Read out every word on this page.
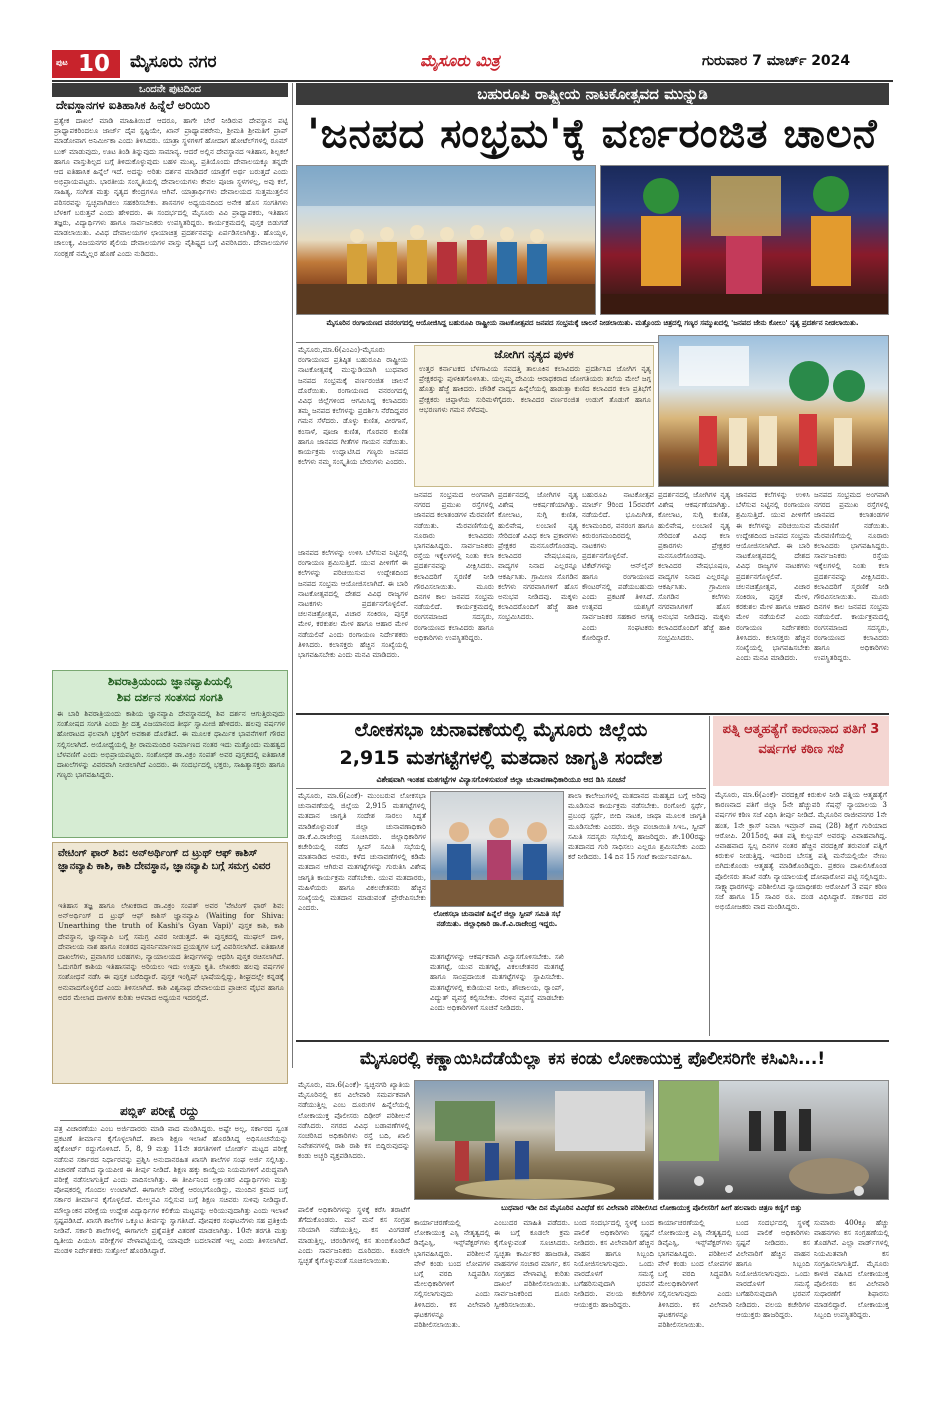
ಪುಟ 10 ಮೈಸೂರು ನಗರ	ಮೈಸೂರು ಮಿತ್ರ	ಗುರುವಾರ 7 ಮಾರ್ಚ್ 2024
ಒಂದನೇ ಪುಟದಿಂದ
ದೇವಸ್ಥಾನಗಳ ಐತಿಹಾಸಿಕ ಹಿನ್ನೆಲೆ ಅರಿಯಿರಿ
ಪ್ರತ್ಯೇಕ ದಾಖಲೆ ಮಾಡಿ ಮಾಹಿತಿಯಿದೆ ಆದರೂ, ಹಾಗೇ ಬೇರೆ ನೀಡಿರುವ ದೇವಸ್ಥಾನ ಪಟ್ಟಿ ಪ್ರಾಧ್ಯಾಪಕರಿಂದಲೂ ಜಾರ್ಜ್ ದೈವ ಸ್ಪಷ್ಟಿಯೇ, ಖಾನ್ ಪ್ರಾಥ್ಯಾಪಕರೇನು, ಶ್ರೀಮತಿ ಶ್ರೀಮತಿಗೆ ಪ್ರಾಪ್ ಮಾಡೋವಾಗ ಅನಿರ್ಮೀಕಾ ಎಂದು ತಿಳಿಸಿದರು. ಯಾತ್ರಾ ಸ್ಥಳಗಳಿಗೆ ಹೋದಾಗ ಹೋಟೆಲ್‌ಗಳಲ್ಲಿ ರೂಮ್ ಬುಕ್ ಮಾಡುವುದು, ಊಟ ತಿಂಡಿ ತಿನ್ನುವುದು ಸಾಮಾನ್ಯ. ಆದರೆ ಅಲ್ಲಿನ ದೇವಸ್ಥಾನದ ಇತಿಹಾಸ, ಶಿಲ್ಪಕಲೆ ಹಾಗೂ ವಾಸ್ತುಶಿಲ್ಪದ ಬಗ್ಗೆ ತಿಳಿದುಕೊಳ್ಳುವುದು ಬಹಳ ಮುಖ್ಯ. ಪ್ರತಿಯೊಂದು ದೇವಾಲಯಕ್ಕೂ ತನ್ನದೇ ಆದ ಐತಿಹಾಸಿಕ ಹಿನ್ನೆಲೆ ಇದೆ. ಅದನ್ನು ಅರಿತು ದರ್ಶನ ಮಾಡಿದರೆ ಯಾತ್ರೆಗೆ ಅರ್ಥ ಬರುತ್ತದೆ ಎಂದು ಅಭಿಪ್ರಾಯಪಟ್ಟರು. ಭಾರತೀಯ ಸಂಸ್ಕೃತಿಯಲ್ಲಿ ದೇವಾಲಯಗಳು ಕೇವಲ ಪೂಜಾ ಸ್ಥಳಗಳಲ್ಲ, ಅವು ಕಲೆ, ಸಾಹಿತ್ಯ, ಸಂಗೀತ ಮತ್ತು ನೃತ್ಯದ ಕೇಂದ್ರಗಳೂ ಆಗಿವೆ. ಯಾತ್ರಾರ್ಥಿಗಳು ದೇವಾಲಯದ ಸುತ್ತಮುತ್ತಲಿನ ಪರಿಸರವನ್ನು ಸ್ವಚ್ಛವಾಗಿಡಲು ಸಹಕರಿಸಬೇಕು. ಶಾಸನಗಳ ಅಧ್ಯಯನದಿಂದ ಅನೇಕ ಹೊಸ ಸಂಗತಿಗಳು ಬೆಳಕಿಗೆ ಬರುತ್ತವೆ ಎಂದು ಹೇಳಿದರು. ಈ ಸಂದರ್ಭದಲ್ಲಿ ಮೈಸೂರು ವಿವಿ ಪ್ರಾಧ್ಯಾಪಕರು, ಇತಿಹಾಸ ತಜ್ಞರು, ವಿದ್ಯಾರ್ಥಿಗಳು ಹಾಗೂ ಸಾರ್ವಜನಿಕರು ಉಪಸ್ಥಿತರಿದ್ದರು. ಕಾರ್ಯಕ್ರಮದಲ್ಲಿ ಪುಸ್ತಕ ಬಿಡುಗಡೆ ಮಾಡಲಾಯಿತು. ವಿವಿಧ ದೇವಾಲಯಗಳ ಛಾಯಾಚಿತ್ರ ಪ್ರದರ್ಶನವನ್ನು ಏರ್ಪಡಿಸಲಾಗಿತ್ತು. ಹೊಯ್ಸಳ, ಚಾಲುಕ್ಯ, ವಿಜಯನಗರ ಶೈಲಿಯ ದೇವಾಲಯಗಳ ವಾಸ್ತು ವೈಶಿಷ್ಟ್ಯದ ಬಗ್ಗೆ ವಿವರಿಸಿದರು. ದೇವಾಲಯಗಳ ಸಂರಕ್ಷಣೆ ನಮ್ಮೆಲ್ಲರ ಹೊಣೆ ಎಂದು ನುಡಿದರು.
ಶಿವರಾತ್ರಿಯಂದು ಜ್ಞಾನವ್ಯಾಪಿಯಲ್ಲಿ
ಶಿವ ದರ್ಶನ ಸಂತಸದ ಸಂಗತಿ
ಈ ಬಾರಿ ಶಿವರಾತ್ರಿಯಂದು ಕಾಶಿಯ ಜ್ಞಾನವ್ಯಾಪಿ ದೇವಸ್ಥಾನದಲ್ಲಿ ಶಿವ ದರ್ಶನ ಆಗುತ್ತಿರುವುದು ಸಂತೋಷದ ಸಂಗತಿ ಎಂದು ಶ್ರೀ ದತ್ತ ವಿಜಯಾನಂದ ತೀರ್ಥ ಸ್ವಾಮೀಜಿ ಹೇಳಿದರು. ಹಲವು ವರ್ಷಗಳ ಹೋರಾಟದ ಫಲವಾಗಿ ಭಕ್ತರಿಗೆ ಅವಕಾಶ ದೊರೆತಿದೆ. ಈ ಮೂಲಕ ಧಾರ್ಮಿಕ ಭಾವನೆಗಳಿಗೆ ಗೌರವ ಸಲ್ಲಿಸಲಾಗಿದೆ. ಅಯೋಧ್ಯೆಯಲ್ಲಿ ಶ್ರೀ ರಾಮಮಂದಿರ ನಿರ್ಮಾಣದ ನಂತರ ಇದು ಮತ್ತೊಂದು ಮಹತ್ವದ ಬೆಳವಣಿಗೆ ಎಂದು ಅಭಿಪ್ರಾಯಪಟ್ಟರು. ಸಂಶೋಧಕ ಡಾ.ವಿಕ್ರಂ ಸಂಪತ್ ಅವರ ಪುಸ್ತಕದಲ್ಲಿ ಐತಿಹಾಸಿಕ ದಾಖಲೆಗಳನ್ನು ವಿವರವಾಗಿ ನೀಡಲಾಗಿದೆ ಎಂದರು. ಈ ಸಂದರ್ಭದಲ್ಲಿ ಭಕ್ತರು, ಸಾಹಿತ್ಯಾಸಕ್ತರು ಹಾಗೂ ಗಣ್ಯರು ಭಾಗವಹಿಸಿದ್ದರು.
ವೇಟಿಂಗ್ ಫಾರ್ ಶಿವ: ಅನ್‌ಅರ್ಥಿಂಗ್ ದ ಟ್ರುಥ್ ಆಫ್ ಕಾಶಿಸ್ ಜ್ಞಾನವ್ಯಾಪಿ ಕಾಶಿ, ಕಾಶಿ ದೇವಸ್ಥಾನ, ಜ್ಞಾನವ್ಯಾಪಿ ಬಗ್ಗೆ ಸಮಗ್ರ ವಿವರ
ಇತಿಹಾಸ ತಜ್ಞ ಹಾಗೂ ಲೇಖಕರಾದ ಡಾ.ವಿಕ್ರಂ ಸಂಪತ್ ಅವರ 'ವೇಟಿಂಗ್ ಫಾರ್ ಶಿವ: ಅನ್‌ಅರ್ಥಿಂಗ್ ದ ಟ್ರುಥ್ ಆಫ್ ಕಾಶಿಸ್ ಜ್ಞಾನವ್ಯಾಪಿ (Waiting for Shiva: Unearthing the truth of Kashi's Gyan Vapi)' ಪುಸ್ತಕ ಕಾಶಿ, ಕಾಶಿ ದೇವಸ್ಥಾನ, ಜ್ಞಾನವ್ಯಾಪಿ ಬಗ್ಗೆ ಸಮಗ್ರ ವಿವರ ನೀಡುತ್ತದೆ. ಈ ಪುಸ್ತಕದಲ್ಲಿ ಮುಘಲ್ ದಾಳಿ, ದೇವಾಲಯ ನಾಶ ಹಾಗೂ ನಂತರದ ಪುನರ್ನಿರ್ಮಾಣದ ಪ್ರಯತ್ನಗಳ ಬಗ್ಗೆ ವಿವರಿಸಲಾಗಿದೆ. ಐತಿಹಾಸಿಕ ದಾಖಲೆಗಳು, ಪ್ರವಾಸಿಗರ ಬರಹಗಳು, ನ್ಯಾಯಾಲಯದ ತೀರ್ಪುಗಳನ್ನು ಆಧರಿಸಿ ಪುಸ್ತಕ ರಚಿಸಲಾಗಿದೆ. ಓದುಗರಿಗೆ ಕಾಶಿಯ ಇತಿಹಾಸವನ್ನು ಅರಿಯಲು ಇದು ಉತ್ತಮ ಕೃತಿ. ಲೇಖಕರು ಹಲವು ವರ್ಷಗಳ ಸಂಶೋಧನೆ ನಡೆಸಿ ಈ ಪುಸ್ತಕ ಬರೆದಿದ್ದಾರೆ. ಪುಸ್ತಕ ಇಂಗ್ಲಿಷ್ ಭಾಷೆಯಲ್ಲಿದ್ದು, ಶೀಘ್ರದಲ್ಲೇ ಕನ್ನಡಕ್ಕೆ ಅನುವಾದಗೊಳ್ಳಲಿದೆ ಎಂದು ತಿಳಿಸಲಾಗಿದೆ. ಕಾಶಿ ವಿಶ್ವನಾಥ ದೇವಾಲಯದ ಪ್ರಾಚೀನ ವೈಭವ ಹಾಗೂ ಅದರ ಮೇಲಾದ ದಾಳಿಗಳ ಕುರಿತು ಆಳವಾದ ಅಧ್ಯಯನ ಇದರಲ್ಲಿದೆ.
ಪಬ್ಲಿಕ್ ಪರೀಕ್ಷೆ ರದ್ದು
ಪತ್ರ ವಿಚಾರಣೆಯು ಎಂಬ ಅರ್ಜಿದಾರರು ಮಾಡಿ ವಾದ ಮಂಡಿಸಿದ್ದರು. ಅಷ್ಟೇ ಅಲ್ಲ, ಸರ್ಕಾರದ ಸ್ವಂತ ಪ್ರಕಟಣೆ ತೀರ್ಮಾನ ಕೈಗೊಳ್ಳಲಾಗಿದೆ. ಶಾಲಾ ಶಿಕ್ಷಣ ಇಲಾಖೆ ಹೊರಡಿಸಿದ್ದ ಅಧಿಸೂಚನೆಯನ್ನು ಹೈಕೋರ್ಟ್ ರದ್ದುಗೊಳಿಸಿದೆ. 5, 8, 9 ಮತ್ತು 11ನೇ ತರಗತಿಗಳಿಗೆ ಬೋರ್ಡ್ ಮಟ್ಟದ ಪರೀಕ್ಷೆ ನಡೆಸುವ ಸರ್ಕಾರದ ನಿರ್ಧಾರವನ್ನು ಪ್ರಶ್ನಿಸಿ ಅನುದಾನರಹಿತ ಖಾಸಗಿ ಶಾಲೆಗಳ ಸಂಘ ಅರ್ಜಿ ಸಲ್ಲಿಸಿತ್ತು. ವಿಚಾರಣೆ ನಡೆಸಿದ ನ್ಯಾಯಪೀಠ ಈ ತೀರ್ಪು ನೀಡಿದೆ. ಶಿಕ್ಷಣ ಹಕ್ಕು ಕಾಯ್ದೆಯ ನಿಯಮಗಳಿಗೆ ವಿರುದ್ಧವಾಗಿ ಪರೀಕ್ಷೆ ನಡೆಸಲಾಗುತ್ತಿದೆ ಎಂದು ವಾದಿಸಲಾಗಿತ್ತು. ಈ ತೀರ್ಪಿನಿಂದ ಲಕ್ಷಾಂತರ ವಿದ್ಯಾರ್ಥಿಗಳು ಮತ್ತು ಪೋಷಕರಲ್ಲಿ ಗೊಂದಲ ಉಂಟಾಗಿದೆ. ಈಗಾಗಲೇ ಪರೀಕ್ಷೆ ಆರಂಭಗೊಂಡಿದ್ದು, ಮುಂದಿನ ಕ್ರಮದ ಬಗ್ಗೆ ಸರ್ಕಾರ ತೀರ್ಮಾನ ಕೈಗೊಳ್ಳಲಿದೆ. ಮೇಲ್ಮನವಿ ಸಲ್ಲಿಸುವ ಬಗ್ಗೆ ಶಿಕ್ಷಣ ಸಚಿವರು ಸುಳಿವು ನೀಡಿದ್ದಾರೆ. ಮೌಲ್ಯಾಂಕನ ಪರೀಕ್ಷೆಯ ಉದ್ದೇಶ ವಿದ್ಯಾರ್ಥಿಗಳ ಕಲಿಕೆಯ ಮಟ್ಟವನ್ನು ಅರಿಯುವುದಾಗಿತ್ತು ಎಂದು ಇಲಾಖೆ ಸ್ಪಷ್ಟಪಡಿಸಿದೆ. ಖಾಸಗಿ ಶಾಲೆಗಳ ಒಕ್ಕೂಟ ತೀರ್ಪನ್ನು ಸ್ವಾಗತಿಸಿದೆ. ಪೋಷಕರ ಸಂಘಟನೆಗಳು ಸಹ ಪ್ರತಿಕ್ರಿಯೆ ನೀಡಿವೆ. ಸರ್ಕಾರಿ ಶಾಲೆಗಳಲ್ಲಿ ಈಗಾಗಲೇ ಪ್ರಶ್ನೆಪತ್ರಿಕೆ ವಿತರಣೆ ಮಾಡಲಾಗಿತ್ತು. 10ನೇ ತರಗತಿ ಮತ್ತು ದ್ವಿತೀಯ ಪಿಯುಸಿ ಪರೀಕ್ಷೆಗಳ ವೇಳಾಪಟ್ಟಿಯಲ್ಲಿ ಯಾವುದೇ ಬದಲಾವಣೆ ಇಲ್ಲ ಎಂದು ತಿಳಿಸಲಾಗಿದೆ. ಮಂಡಳಿ ನಿರ್ದೇಶಕರು ಸುತ್ತೋಲೆ ಹೊರಡಿಸಿದ್ದಾರೆ.
ಬಹುರೂಪಿ ರಾಷ್ಟ್ರೀಯ ನಾಟಕೋತ್ಸವದ ಮುನ್ನುಡಿ
'ಜನಪದ ಸಂಭ್ರಮ'ಕ್ಕೆ ವರ್ಣರಂಜಿತ ಚಾಲನೆ
ಮೈಸೂರಿನ ರಂಗಾಯಣದ ವನರಂಗದಲ್ಲಿ ಆಯೋಜಿಸಿದ್ದ ಬಹುರೂಪಿ ರಾಷ್ಟ್ರೀಯ ನಾಟಕೋತ್ಸವದ ಜನಪದ ಸಂಭ್ರಮಕ್ಕೆ ಚಾಲನೆ ನೀಡಲಾಯಿತು. ಮತ್ತೊಂದು ಚಿತ್ರದಲ್ಲಿ ಗಣ್ಯರ ಸಮ್ಮುಖದಲ್ಲಿ 'ಜನಪದ ಜೇನು ಕೋಲು' ನೃತ್ಯ ಪ್ರದರ್ಶನ ನೀಡಲಾಯಿತು.
ಮೈಸೂರು,ಮಾ.6(ಎಂಎಂ)-ಮೈಸೂರು ರಂಗಾಯಣದ ಪ್ರತಿಷ್ಠಿತ ಬಹುರೂಪಿ ರಾಷ್ಟ್ರೀಯ ನಾಟಕೋತ್ಸವಕ್ಕೆ ಮುನ್ನುಡಿಯಾಗಿ ಬುಧವಾರ ಜನಪದ ಸಂಭ್ರಮಕ್ಕೆ ವರ್ಣರಂಜಿತ ಚಾಲನೆ ದೊರೆಯಿತು. ರಂಗಾಯಣದ ವನರಂಗದಲ್ಲಿ ವಿವಿಧ ಜಿಲ್ಲೆಗಳಿಂದ ಆಗಮಿಸಿದ್ದ ಕಲಾವಿದರು ತಮ್ಮ ಜನಪದ ಕಲೆಗಳನ್ನು ಪ್ರದರ್ಶಿಸಿ ನೆರೆದಿದ್ದವರ ಗಮನ ಸೆಳೆದರು. ಡೊಳ್ಳು ಕುಣಿತ, ವೀರಗಾಸೆ, ಕಂಸಾಳೆ, ಪೂಜಾ ಕುಣಿತ, ಗೊರವರ ಕುಣಿತ ಹಾಗೂ ಜಾನಪದ ಗೀತೆಗಳ ಗಾಯನ ನಡೆಯಿತು. ಕಾರ್ಯಕ್ರಮ ಉದ್ಘಾಟಿಸಿದ ಗಣ್ಯರು ಜನಪದ ಕಲೆಗಳು ನಮ್ಮ ಸಂಸ್ಕೃತಿಯ ಬೇರುಗಳು ಎಂದರು.
ಜಾನಪದ ಕಲೆಗಳನ್ನು ಉಳಿಸಿ ಬೆಳೆಸುವ ನಿಟ್ಟಿನಲ್ಲಿ ರಂಗಾಯಣ ಶ್ರಮಿಸುತ್ತಿದೆ. ಯುವ ಪೀಳಿಗೆಗೆ ಈ ಕಲೆಗಳನ್ನು ಪರಿಚಯಿಸುವ ಉದ್ದೇಶದಿಂದ ಜನಪದ ಸಂಭ್ರಮ ಆಯೋಜಿಸಲಾಗಿದೆ. ಈ ಬಾರಿ ನಾಟಕೋತ್ಸವದಲ್ಲಿ ದೇಶದ ವಿವಿಧ ರಾಜ್ಯಗಳ ನಾಟಕಗಳು ಪ್ರದರ್ಶನಗೊಳ್ಳಲಿವೆ. ಚಲನಚಿತ್ರೋತ್ಸವ, ವಿಚಾರ ಸಂಕಿರಣ, ಪುಸ್ತಕ ಮೇಳ, ಕರಕುಶಲ ಮೇಳ ಹಾಗೂ ಆಹಾರ ಮೇಳ ನಡೆಯಲಿವೆ ಎಂದು ರಂಗಾಯಣ ನಿರ್ದೇಶಕರು ತಿಳಿಸಿದರು. ಕಲಾಸಕ್ತರು ಹೆಚ್ಚಿನ ಸಂಖ್ಯೆಯಲ್ಲಿ ಭಾಗವಹಿಸಬೇಕು ಎಂದು ಮನವಿ ಮಾಡಿದರು.
ಜೋಗಿಗ ನೃತ್ಯದ ಪುಳಕ
ಉತ್ತರ ಕರ್ನಾಟಕದ ಬೆಳಗಾವಿಯ ಸವದತ್ತಿ ತಾಲೂಕಿನ ಕಲಾವಿದರು ಪ್ರದರ್ಶಿಸಿದ ಜೋಗಿಗ ನೃತ್ಯ ಪ್ರೇಕ್ಷಕರನ್ನು ಪುಳಕಿತಗೊಳಿಸಿತು. ಯಲ್ಲಮ್ಮ ದೇವಿಯ ಆರಾಧಕರಾದ ಜೋಗತಿಯರು ತಲೆಯ ಮೇಲೆ ಜಗ್ಗ ಹೊತ್ತು ಹೆಜ್ಜೆ ಹಾಕಿದರು. ಚೌಡಿಕೆ ವಾದ್ಯದ ಹಿನ್ನೆಲೆಯಲ್ಲಿ ಹಾಡುತ್ತಾ ಕುಣಿದ ಕಲಾವಿದರ ಕಲಾ ಪ್ರತಿಭೆಗೆ ಪ್ರೇಕ್ಷಕರು ಚಪ್ಪಾಳೆಯ ಸುರಿಮಳೆಗೈದರು. ಕಲಾವಿದರ ವರ್ಣರಂಜಿತ ಉಡುಗೆ ತೊಡುಗೆ ಹಾಗೂ ಆಭರಣಗಳು ಗಮನ ಸೆಳೆದವು.
ಜನಪದ ಸಂಭ್ರಮದ ಅಂಗವಾಗಿ ನಗರದ ಪ್ರಮುಖ ರಸ್ತೆಗಳಲ್ಲಿ ಜಾನಪದ ಕಲಾತಂಡಗಳ ಮೆರವಣಿಗೆ ನಡೆಯಿತು. ಮೆರವಣಿಗೆಯಲ್ಲಿ ನೂರಾರು ಕಲಾವಿದರು ಭಾಗವಹಿಸಿದ್ದರು. ಸಾರ್ವಜನಿಕರು ರಸ್ತೆಯ ಇಕ್ಕೆಲಗಳಲ್ಲಿ ನಿಂತು ಕಲಾ ಪ್ರದರ್ಶನವನ್ನು ವೀಕ್ಷಿಸಿದರು. ಕಲಾವಿದರಿಗೆ ಸ್ಮರಣಿಕೆ ನೀಡಿ ಗೌರವಿಸಲಾಯಿತು. ಮೂರು ದಿನಗಳ ಕಾಲ ಜನಪದ ಸಂಭ್ರಮ ನಡೆಯಲಿದೆ. ಕಾರ್ಯಕ್ರಮದಲ್ಲಿ ರಂಗಸಮಾಜದ ಸದಸ್ಯರು, ರಂಗಾಯಣದ ಕಲಾವಿದರು ಹಾಗೂ ಅಧಿಕಾರಿಗಳು ಉಪಸ್ಥಿತರಿದ್ದರು.
ಪ್ರದರ್ಶನದಲ್ಲಿ ಜೋಗಿಗಳ ನೃತ್ಯ ವಿಶೇಷ ಆಕರ್ಷಣೆಯಾಗಿತ್ತು. ಕೋಲಾಟ, ಸುಗ್ಗಿ ಕುಣಿತ, ಹುಲಿವೇಷ, ಲಂಬಾಣಿ ನೃತ್ಯ ಸೇರಿದಂತೆ ವಿವಿಧ ಕಲಾ ಪ್ರಕಾರಗಳು ಪ್ರೇಕ್ಷಕರ ಮನಸೂರೆಗೊಂಡವು. ಕಲಾವಿದರ ವೇಷಭೂಷಣ, ವಾದ್ಯಗಳ ನಿನಾದ ಎಲ್ಲರನ್ನೂ ಆಕರ್ಷಿಸಿತು. ಗ್ರಾಮೀಣ ಸೊಗಡಿನ ಕಲೆಗಳು ನಗರವಾಸಿಗಳಿಗೆ ಹೊಸ ಅನುಭವ ನೀಡಿದವು. ಮಕ್ಕಳು ಕಲಾವಿದರೊಂದಿಗೆ ಹೆಜ್ಜೆ ಹಾಕಿ ಸಂಭ್ರಮಿಸಿದರು.
ಬಹುರೂಪಿ ನಾಟಕೋತ್ಸವ ಮಾರ್ಚ್ 9ರಿಂದ 15ರವರೆಗೆ ನಡೆಯಲಿದೆ. ಭೂಮಿಗೀತ, ಕಲಾಮಂದಿರ, ವನರಂಗ ಹಾಗೂ ಕಿರುರಂಗಮಂದಿರದಲ್ಲಿ ನಾಟಕಗಳು ಪ್ರದರ್ಶನಗೊಳ್ಳಲಿವೆ. ಟಿಕೆಟ್‌ಗಳನ್ನು ಆನ್‌ಲೈನ್ ಹಾಗೂ ರಂಗಾಯಣದ ಕೌಂಟರ್‌ನಲ್ಲಿ ಪಡೆಯಬಹುದು ಎಂದು ಪ್ರಕಟಣೆ ತಿಳಿಸಿದೆ. ಉತ್ಸವದ ಯಶಸ್ಸಿಗೆ ಸಾರ್ವಜನಿಕರ ಸಹಕಾರ ಅಗತ್ಯ ಎಂದು ಸಂಘಟಕರು ಕೋರಿದ್ದಾರೆ.
ಪ್ರದರ್ಶನದಲ್ಲಿ ಜೋಗಿಗಳ ನೃತ್ಯ ವಿಶೇಷ ಆಕರ್ಷಣೆಯಾಗಿತ್ತು. ಕೋಲಾಟ, ಸುಗ್ಗಿ ಕುಣಿತ, ಹುಲಿವೇಷ, ಲಂಬಾಣಿ ನೃತ್ಯ ಸೇರಿದಂತೆ ವಿವಿಧ ಕಲಾ ಪ್ರಕಾರಗಳು ಪ್ರೇಕ್ಷಕರ ಮನಸೂರೆಗೊಂಡವು. ಕಲಾವಿದರ ವೇಷಭೂಷಣ, ವಾದ್ಯಗಳ ನಿನಾದ ಎಲ್ಲರನ್ನೂ ಆಕರ್ಷಿಸಿತು. ಗ್ರಾಮೀಣ ಸೊಗಡಿನ ಕಲೆಗಳು ನಗರವಾಸಿಗಳಿಗೆ ಹೊಸ ಅನುಭವ ನೀಡಿದವು. ಮಕ್ಕಳು ಕಲಾವಿದರೊಂದಿಗೆ ಹೆಜ್ಜೆ ಹಾಕಿ ಸಂಭ್ರಮಿಸಿದರು.
ಜಾನಪದ ಕಲೆಗಳನ್ನು ಉಳಿಸಿ ಬೆಳೆಸುವ ನಿಟ್ಟಿನಲ್ಲಿ ರಂಗಾಯಣ ಶ್ರಮಿಸುತ್ತಿದೆ. ಯುವ ಪೀಳಿಗೆಗೆ ಈ ಕಲೆಗಳನ್ನು ಪರಿಚಯಿಸುವ ಉದ್ದೇಶದಿಂದ ಜನಪದ ಸಂಭ್ರಮ ಆಯೋಜಿಸಲಾಗಿದೆ. ಈ ಬಾರಿ ನಾಟಕೋತ್ಸವದಲ್ಲಿ ದೇಶದ ವಿವಿಧ ರಾಜ್ಯಗಳ ನಾಟಕಗಳು ಪ್ರದರ್ಶನಗೊಳ್ಳಲಿವೆ. ಚಲನಚಿತ್ರೋತ್ಸವ, ವಿಚಾರ ಸಂಕಿರಣ, ಪುಸ್ತಕ ಮೇಳ, ಕರಕುಶಲ ಮೇಳ ಹಾಗೂ ಆಹಾರ ಮೇಳ ನಡೆಯಲಿವೆ ಎಂದು ರಂಗಾಯಣ ನಿರ್ದೇಶಕರು ತಿಳಿಸಿದರು. ಕಲಾಸಕ್ತರು ಹೆಚ್ಚಿನ ಸಂಖ್ಯೆಯಲ್ಲಿ ಭಾಗವಹಿಸಬೇಕು ಎಂದು ಮನವಿ ಮಾಡಿದರು.
ಜನಪದ ಸಂಭ್ರಮದ ಅಂಗವಾಗಿ ನಗರದ ಪ್ರಮುಖ ರಸ್ತೆಗಳಲ್ಲಿ ಜಾನಪದ ಕಲಾತಂಡಗಳ ಮೆರವಣಿಗೆ ನಡೆಯಿತು. ಮೆರವಣಿಗೆಯಲ್ಲಿ ನೂರಾರು ಕಲಾವಿದರು ಭಾಗವಹಿಸಿದ್ದರು. ಸಾರ್ವಜನಿಕರು ರಸ್ತೆಯ ಇಕ್ಕೆಲಗಳಲ್ಲಿ ನಿಂತು ಕಲಾ ಪ್ರದರ್ಶನವನ್ನು ವೀಕ್ಷಿಸಿದರು. ಕಲಾವಿದರಿಗೆ ಸ್ಮರಣಿಕೆ ನೀಡಿ ಗೌರವಿಸಲಾಯಿತು. ಮೂರು ದಿನಗಳ ಕಾಲ ಜನಪದ ಸಂಭ್ರಮ ನಡೆಯಲಿದೆ. ಕಾರ್ಯಕ್ರಮದಲ್ಲಿ ರಂಗಸಮಾಜದ ಸದಸ್ಯರು, ರಂಗಾಯಣದ ಕಲಾವಿದರು ಹಾಗೂ ಅಧಿಕಾರಿಗಳು ಉಪಸ್ಥಿತರಿದ್ದರು.
ಲೋಕಸಭಾ ಚುನಾವಣೆಯಲ್ಲಿ ಮೈಸೂರು ಜಿಲ್ಲೆಯ
2,915 ಮತಗಟ್ಟೆಗಳಲ್ಲಿ ಮತದಾನ ಜಾಗೃತಿ ಸಂದೇಶ
ವಿಶೇಷವಾಗಿ ಇಂತಹ ಮತಗಟ್ಟೆಗಳ ವಿನ್ಯಾಸಗೊಳಿಸುವಂತೆ ಜಿಲ್ಲಾ ಚುನಾವಣಾಧಿಕಾರಿಯೂ ಆದ ಡಿಸಿ ಸೂಚನೆ
ಮೈಸೂರು, ಮಾ.6(ಎಂಕೆ)- ಮುಂಬರುವ ಲೋಕಸಭಾ ಚುನಾವಣೆಯಲ್ಲಿ ಜಿಲ್ಲೆಯ 2,915 ಮತಗಟ್ಟೆಗಳಲ್ಲಿ ಮತದಾನ ಜಾಗೃತಿ ಸಂದೇಶ ಸಾರಲು ಸಿದ್ಧತೆ ಮಾಡಿಕೊಳ್ಳುವಂತೆ ಜಿಲ್ಲಾ ಚುನಾವಣಾಧಿಕಾರಿ ಡಾ.ಕೆ.ವಿ.ರಾಜೇಂದ್ರ ಸೂಚಿಸಿದರು. ಜಿಲ್ಲಾಧಿಕಾರಿಗಳ ಕಚೇರಿಯಲ್ಲಿ ನಡೆದ ಸ್ವೀಪ್ ಸಮಿತಿ ಸಭೆಯಲ್ಲಿ ಮಾತನಾಡಿದ ಅವರು, ಕಳೆದ ಚುನಾವಣೆಗಳಲ್ಲಿ ಕಡಿಮೆ ಮತದಾನ ಆಗಿರುವ ಮತಗಟ್ಟೆಗಳನ್ನು ಗುರುತಿಸಿ ವಿಶೇಷ ಜಾಗೃತಿ ಕಾರ್ಯಕ್ರಮ ನಡೆಸಬೇಕು. ಯುವ ಮತದಾರರು, ಮಹಿಳೆಯರು ಹಾಗೂ ವಿಕಲಚೇತನರು ಹೆಚ್ಚಿನ ಸಂಖ್ಯೆಯಲ್ಲಿ ಮತದಾನ ಮಾಡುವಂತೆ ಪ್ರೇರೇಪಿಸಬೇಕು ಎಂದರು.
ಲೋಕಸಭಾ ಚುನಾವಣೆ ಹಿನ್ನೆಲೆ ಜಿಲ್ಲಾ ಸ್ವೀಪ್ ಸಮಿತಿ ಸಭೆ ನಡೆಯಿತು. ಜಿಲ್ಲಾಧಿಕಾರಿ ಡಾ.ಕೆ.ವಿ.ರಾಜೇಂದ್ರ ಇದ್ದರು.
ಮತಗಟ್ಟೆಗಳನ್ನು ಆಕರ್ಷಕವಾಗಿ ವಿನ್ಯಾಸಗೊಳಿಸಬೇಕು. ಸಖಿ ಮತಗಟ್ಟೆ, ಯುವ ಮತಗಟ್ಟೆ, ವಿಕಲಚೇತನರ ಮತಗಟ್ಟೆ ಹಾಗೂ ಸಾಂಪ್ರದಾಯಿಕ ಮತಗಟ್ಟೆಗಳನ್ನು ಸ್ಥಾಪಿಸಬೇಕು. ಮತಗಟ್ಟೆಗಳಲ್ಲಿ ಕುಡಿಯುವ ನೀರು, ಶೌಚಾಲಯ, ರ‍್ಯಾಂಪ್, ವಿದ್ಯುತ್ ವ್ಯವಸ್ಥೆ ಕಲ್ಪಿಸಬೇಕು. ನೆರಳಿನ ವ್ಯವಸ್ಥೆ ಮಾಡಬೇಕು ಎಂದು ಅಧಿಕಾರಿಗಳಿಗೆ ಸೂಚನೆ ನೀಡಿದರು.
ಶಾಲಾ ಕಾಲೇಜುಗಳಲ್ಲಿ ಮತದಾನದ ಮಹತ್ವದ ಬಗ್ಗೆ ಅರಿವು ಮೂಡಿಸುವ ಕಾರ್ಯಕ್ರಮ ನಡೆಸಬೇಕು. ರಂಗೋಲಿ ಸ್ಪರ್ಧೆ, ಪ್ರಬಂಧ ಸ್ಪರ್ಧೆ, ಬೀದಿ ನಾಟಕ, ಜಾಥಾ ಮೂಲಕ ಜಾಗೃತಿ ಮೂಡಿಸಬೇಕು ಎಂದರು. ಜಿಲ್ಲಾ ಪಂಚಾಯಿತಿ ಸಿಇಒ, ಸ್ವೀಪ್ ಸಮಿತಿ ಸದಸ್ಯರು ಸಭೆಯಲ್ಲಿ ಹಾಜರಿದ್ದರು. ಶೇ.100ರಷ್ಟು ಮತದಾನದ ಗುರಿ ಸಾಧಿಸಲು ಎಲ್ಲರೂ ಶ್ರಮಿಸಬೇಕು ಎಂದು ಕರೆ ನೀಡಿದರು. 14 ದಿನ 15 ಗಂಟೆ ಕಾರ್ಯನಿರ್ವಹಿಸಿ.
ಪತ್ನಿ ಆತ್ಮಹತ್ಯೆಗೆ ಕಾರಣನಾದ ಪತಿಗೆ 3 ವರ್ಷಗಳ ಕಠಿಣ ಸಜೆ
ಮೈಸೂರು, ಮಾ.6(ಎಂಕೆ)- ವರದಕ್ಷಿಣೆ ಕಿರುಕುಳ ನೀಡಿ ಪತ್ನಿಯ ಆತ್ಮಹತ್ಯೆಗೆ ಕಾರಣನಾದ ಪತಿಗೆ ಜಿಲ್ಲಾ 5ನೇ ಹೆಚ್ಚುವರಿ ಸೆಷನ್ಸ್ ನ್ಯಾಯಾಲಯ 3 ವರ್ಷಗಳ ಕಠಿಣ ಸಜೆ ವಿಧಿಸಿ ತೀರ್ಪು ನೀಡಿದೆ. ಮೈಸೂರಿನ ರಾಜೀವನಗರ 1ನೇ ಹಂತ, 1ನೇ ಕ್ರಾಸ್ ನಿವಾಸಿ ಇಮ್ರಾನ್ ಪಾಷ (28) ಶಿಕ್ಷೆಗೆ ಗುರಿಯಾದ ಆರೋಪಿ. 2015ರಲ್ಲಿ ಈತ ಪತ್ನಿ ಕುಲ್ಸುಮ್ ಅವರನ್ನು ವಿವಾಹವಾಗಿದ್ದ. ವಿವಾಹವಾದ ಸ್ವಲ್ಪ ದಿನಗಳ ನಂತರ ಹೆಚ್ಚಿನ ವರದಕ್ಷಿಣೆ ತರುವಂತೆ ಪತ್ನಿಗೆ ಕಿರುಕುಳ ನೀಡುತ್ತಿದ್ದ. ಇದರಿಂದ ಬೇಸತ್ತ ಪತ್ನಿ ಮನೆಯಲ್ಲಿಯೇ ನೇಣು ಬಿಗಿದುಕೊಂಡು ಆತ್ಮಹತ್ಯೆ ಮಾಡಿಕೊಂಡಿದ್ದರು. ಪ್ರಕರಣ ದಾಖಲಿಸಿಕೊಂಡ ಪೊಲೀಸರು ತನಿಖೆ ನಡೆಸಿ ನ್ಯಾಯಾಲಯಕ್ಕೆ ದೋಷಾರೋಪ ಪಟ್ಟಿ ಸಲ್ಲಿಸಿದ್ದರು. ಸಾಕ್ಷ್ಯಾಧಾರಗಳನ್ನು ಪರಿಶೀಲಿಸಿದ ನ್ಯಾಯಾಧೀಶರು ಆರೋಪಿಗೆ 3 ವರ್ಷ ಕಠಿಣ ಸಜೆ ಹಾಗೂ 15 ಸಾವಿರ ರೂ. ದಂಡ ವಿಧಿಸಿದ್ದಾರೆ. ಸರ್ಕಾರದ ಪರ ಅಭಿಯೋಜಕರು ವಾದ ಮಂಡಿಸಿದ್ದರು.
ಮೈಸೂರಲ್ಲಿ ಕಣ್ಣಾಯಿಸಿದೆಡೆಯೆಲ್ಲಾ ಕಸ ಕಂಡು ಲೋಕಾಯುಕ್ತ ಪೊಲೀಸರಿಗೇ ಕಸಿವಿಸಿ...!
ಮೈಸೂರು, ಮಾ.6(ಎಂಕೆ)- ಸ್ವಚ್ಛನಗರಿ ಖ್ಯಾತಿಯ ಮೈಸೂರಿನಲ್ಲಿ ಕಸ ವಿಲೇವಾರಿ ಸಮರ್ಪಕವಾಗಿ ನಡೆಯುತ್ತಿಲ್ಲ ಎಂಬ ದೂರುಗಳ ಹಿನ್ನೆಲೆಯಲ್ಲಿ ಲೋಕಾಯುಕ್ತ ಪೊಲೀಸರು ದಿಢೀರ್ ಪರಿಶೀಲನೆ ನಡೆಸಿದರು. ನಗರದ ವಿವಿಧ ಬಡಾವಣೆಗಳಲ್ಲಿ ಸಂಚರಿಸಿದ ಅಧಿಕಾರಿಗಳು ರಸ್ತೆ ಬದಿ, ಖಾಲಿ ನಿವೇಶನಗಳಲ್ಲಿ ರಾಶಿ ರಾಶಿ ಕಸ ಬಿದ್ದಿರುವುದನ್ನು ಕಂಡು ಅಚ್ಚರಿ ವ್ಯಕ್ತಪಡಿಸಿದರು.
ಬುಧವಾರ ಇಡೀ ದಿನ ಮೈಸೂರಿನ ವಿವಿಧೆಡೆ ಕಸ ವಿಲೇವಾರಿ ಪರಿಶೀಲಿಸಿದ ಲೋಕಾಯುಕ್ತ ಪೊಲೀಸರಿಗೆ ಹೀಗೆ ಹಲವಾರು ಚಿತ್ರಣ ಕಣ್ಣಿಗೆ ಬಿತ್ತು
ಪಾಲಿಕೆ ಅಧಿಕಾರಿಗಳನ್ನು ಸ್ಥಳಕ್ಕೆ ಕರೆಸಿ ತರಾಟೆಗೆ ತೆಗೆದುಕೊಂಡರು. ಮನೆ ಮನೆ ಕಸ ಸಂಗ್ರಹ ಸರಿಯಾಗಿ ನಡೆಯುತ್ತಿಲ್ಲ. ಕಸ ವಿಂಗಡಣೆ ಮಾಡುತ್ತಿಲ್ಲ. ಚರಂಡಿಗಳಲ್ಲಿ ಕಸ ತುಂಬಿಕೊಂಡಿದೆ ಎಂದು ಸಾರ್ವಜನಿಕರು ದೂರಿದರು. ಕೂಡಲೇ ಸ್ವಚ್ಛತೆ ಕೈಗೊಳ್ಳುವಂತೆ ಸೂಚಿಸಲಾಯಿತು.
ಕಾರ್ಯಾಚರಣೆಯಲ್ಲಿ ಲೋಕಾಯುಕ್ತ ಎಸ್ಪಿ ನೇತೃತ್ವದಲ್ಲಿ ಡಿವೈಎಸ್ಪಿ, ಇನ್ಸ್‌ಪೆಕ್ಟರ್‌ಗಳು ಭಾಗವಹಿಸಿದ್ದರು. ಪರಿಶೀಲನೆ ವೇಳೆ ಕಂಡು ಬಂದ ಲೋಪಗಳ ಬಗ್ಗೆ ವರದಿ ಸಿದ್ಧಪಡಿಸಿ ಮೇಲಧಿಕಾರಿಗಳಿಗೆ ಸಲ್ಲಿಸಲಾಗುವುದು ಎಂದು ತಿಳಿಸಿದರು. ಕಸ ವಿಲೇವಾರಿ ಘಟಕಗಳನ್ನೂ ಪರಿಶೀಲಿಸಲಾಯಿತು.
ಎಂಬುದರ ಮಾಹಿತಿ ಪಡೆದರು. ಈ ಬಗ್ಗೆ ಕೂಡಲೇ ಕ್ರಮ ಕೈಗೊಳ್ಳುವಂತೆ ಸೂಚಿಸಿದರು. ಸ್ವಚ್ಛತಾ ಕಾರ್ಮಿಕರ ಹಾಜರಾತಿ, ವಾಹನಗಳ ಸಂಚಾರ ಮಾರ್ಗ, ಕಸ ಸಂಗ್ರಹದ ವೇಳಾಪಟ್ಟಿ ಕುರಿತು ದಾಖಲೆ ಪರಿಶೀಲಿಸಲಾಯಿತು. ಸಾರ್ವಜನಿಕರಿಂದ ದೂರು ಸ್ವೀಕರಿಸಲಾಯಿತು.
ಬಂದ ಸಂದರ್ಭದಲ್ಲಿ ಸ್ಥಳಕ್ಕೆ ಬಂದ ಪಾಲಿಕೆ ಅಧಿಕಾರಿಗಳು ಸ್ಪಷ್ಟನೆ ನೀಡಿದರು. ಕಸ ವಿಲೇವಾರಿಗೆ ಹೆಚ್ಚಿನ ವಾಹನ ಹಾಗೂ ಸಿಬ್ಬಂದಿ ನಿಯೋಜಿಸಲಾಗುವುದು. ಒಂದು ವಾರದೊಳಗೆ ಸಮಸ್ಯೆ ಬಗೆಹರಿಸುವುದಾಗಿ ಭರವಸೆ ನೀಡಿದರು. ವಲಯ ಕಚೇರಿಗಳ ಆಯುಕ್ತರು ಹಾಜರಿದ್ದರು.
ಕಾರ್ಯಾಚರಣೆಯಲ್ಲಿ ಲೋಕಾಯುಕ್ತ ಎಸ್ಪಿ ನೇತೃತ್ವದಲ್ಲಿ ಡಿವೈಎಸ್ಪಿ, ಇನ್ಸ್‌ಪೆಕ್ಟರ್‌ಗಳು ಭಾಗವಹಿಸಿದ್ದರು. ಪರಿಶೀಲನೆ ವೇಳೆ ಕಂಡು ಬಂದ ಲೋಪಗಳ ಬಗ್ಗೆ ವರದಿ ಸಿದ್ಧಪಡಿಸಿ ಮೇಲಧಿಕಾರಿಗಳಿಗೆ ಸಲ್ಲಿಸಲಾಗುವುದು ಎಂದು ತಿಳಿಸಿದರು. ಕಸ ವಿಲೇವಾರಿ ಘಟಕಗಳನ್ನೂ ಪರಿಶೀಲಿಸಲಾಯಿತು.
ಬಂದ ಸಂದರ್ಭದಲ್ಲಿ ಸ್ಥಳಕ್ಕೆ ಬಂದ ಪಾಲಿಕೆ ಅಧಿಕಾರಿಗಳು ಸ್ಪಷ್ಟನೆ ನೀಡಿದರು. ಕಸ ವಿಲೇವಾರಿಗೆ ಹೆಚ್ಚಿನ ವಾಹನ ಹಾಗೂ ಸಿಬ್ಬಂದಿ ನಿಯೋಜಿಸಲಾಗುವುದು. ಒಂದು ವಾರದೊಳಗೆ ಸಮಸ್ಯೆ ಬಗೆಹರಿಸುವುದಾಗಿ ಭರವಸೆ ನೀಡಿದರು. ವಲಯ ಕಚೇರಿಗಳ ಆಯುಕ್ತರು ಹಾಜರಿದ್ದರು.
ಸುಮಾರು 400ಕ್ಕೂ ಹೆಚ್ಚು ವಾಹನಗಳು ಕಸ ಸಂಗ್ರಹಣೆಯಲ್ಲಿ ತೊಡಗಿವೆ. ಎಲ್ಲಾ ವಾರ್ಡ್‌ಗಳಲ್ಲಿ ನಿಯಮಿತವಾಗಿ ಕಸ ಸಂಗ್ರಹಿಸಲಾಗುತ್ತಿದೆ. ಮೈಸೂರು ಕಾಳಜಿ ವಹಿಸಿದ ಲೋಕಾಯುಕ್ತ ಪೊಲೀಸರು ಕಸ ವಿಲೇವಾರಿ ಸುಧಾರಣೆಗೆ ಶಿಫಾರಸು ಮಾಡಲಿದ್ದಾರೆ. ಲೋಕಾಯುಕ್ತ ಸಿಬ್ಬಂದಿ ಉಪಸ್ಥಿತರಿದ್ದರು.
